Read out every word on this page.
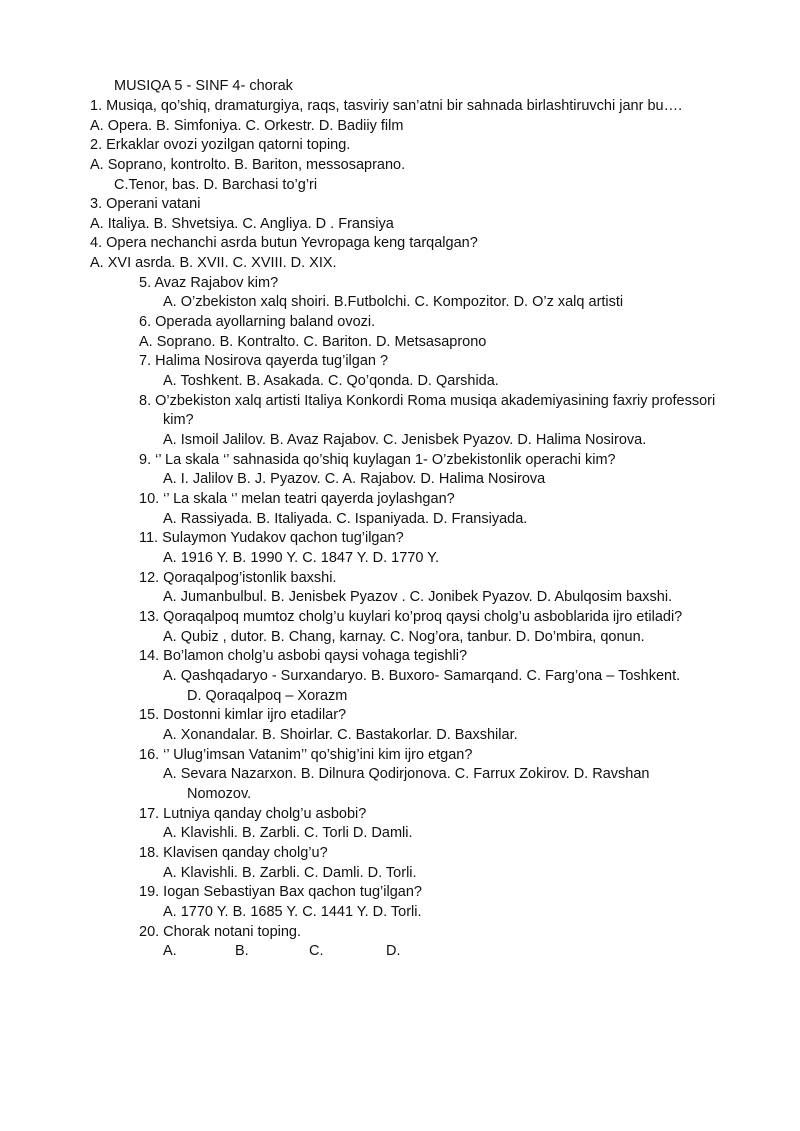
MUSIQA 5 - SINF 4- chorak
1. Musiqa, qo’shiq, dramaturgiya, raqs, tasviriy san’atni bir sahnada birlashtiruvchi janr bu….
A. Opera. B. Simfoniya. C. Orkestr. D. Badiiy film
2. Erkaklar ovozi yozilgan qatorni toping.
A. Soprano, kontrolto. B. Bariton, messosaprano.
C.Tenor, bas. D. Barchasi to’g’ri
3. Operani vatani
A. Italiya. B. Shvetsiya. C. Angliya. D . Fransiya
4. Opera nechanchi asrda butun Yevropaga keng tarqalgan?
A. XVI asrda. B. XVII. C. XVIII. D. XIX.
5. Avaz Rajabov kim?
A. O’zbekiston xalq shoiri. B.Futbolchi. C. Kompozitor. D. O’z xalq artisti
6. Operada ayollarning baland ovozi.
A. Soprano. B. Kontralto. C. Bariton. D. Metsasaprono
7. Halima Nosirova qayerda tug’ilgan ?
A. Toshkent. B. Asakada. C. Qo’qonda. D. Qarshida.
8. O’zbekiston xalq artisti Italiya Konkordi Roma musiqa akademiyasining faxriy professori
kim?
A. Ismoil Jalilov. B. Avaz Rajabov. C. Jenisbek Pyazov. D. Halima Nosirova.
9. ‘’ La skala ‘’ sahnasida qo’shiq kuylagan 1- O’zbekistonlik operachi kim?
A. I. Jalilov B. J. Pyazov. C. A. Rajabov. D. Halima Nosirova
10. ‘’ La skala ‘’ melan teatri qayerda joylashgan?
A. Rassiyada. B. Italiyada. C. Ispaniyada. D. Fransiyada.
11. Sulaymon Yudakov qachon tug’ilgan?
A. 1916 Y. B. 1990 Y. C. 1847 Y. D. 1770 Y.
12. Qoraqalpog’istonlik baxshi.
A. Jumanbulbul. B. Jenisbek Pyazov . C. Jonibek Pyazov. D. Abulqosim baxshi.
13. Qoraqalpoq mumtoz cholg’u kuylari ko’proq qaysi cholg’u asboblarida ijro etiladi?
A. Qubiz , dutor. B. Chang, karnay. C. Nog’ora, tanbur. D. Do’mbira, qonun.
14. Bo’lamon cholg’u asbobi qaysi vohaga tegishli?
A. Qashqadaryo - Surxandaryo. B. Buxoro- Samarqand. C. Farg’ona – Toshkent.
D. Qoraqalpoq – Xorazm
15. Dostonni kimlar ijro etadilar?
A. Xonandalar. B. Shoirlar. C. Bastakorlar. D. Baxshilar.
16. ‘’ Ulug’imsan Vatanim’’ qo’shig’ini kim ijro etgan?
A. Sevara Nazarxon. B. Dilnura Qodirjonova. C. Farrux Zokirov. D. Ravshan
Nomozov.
17. Lutniya qanday cholg’u asbobi?
A. Klavishli. B. Zarbli. C. Torli D. Damli.
18. Klavisen qanday cholg’u?
A. Klavishli. B. Zarbli. C. Damli. D. Torli.
19. Iogan Sebastiyan Bax qachon tug’ilgan?
A. 1770 Y. B. 1685 Y. C. 1441 Y. D. Torli.
20. Chorak notani toping.
A.	B.	C.	D.
